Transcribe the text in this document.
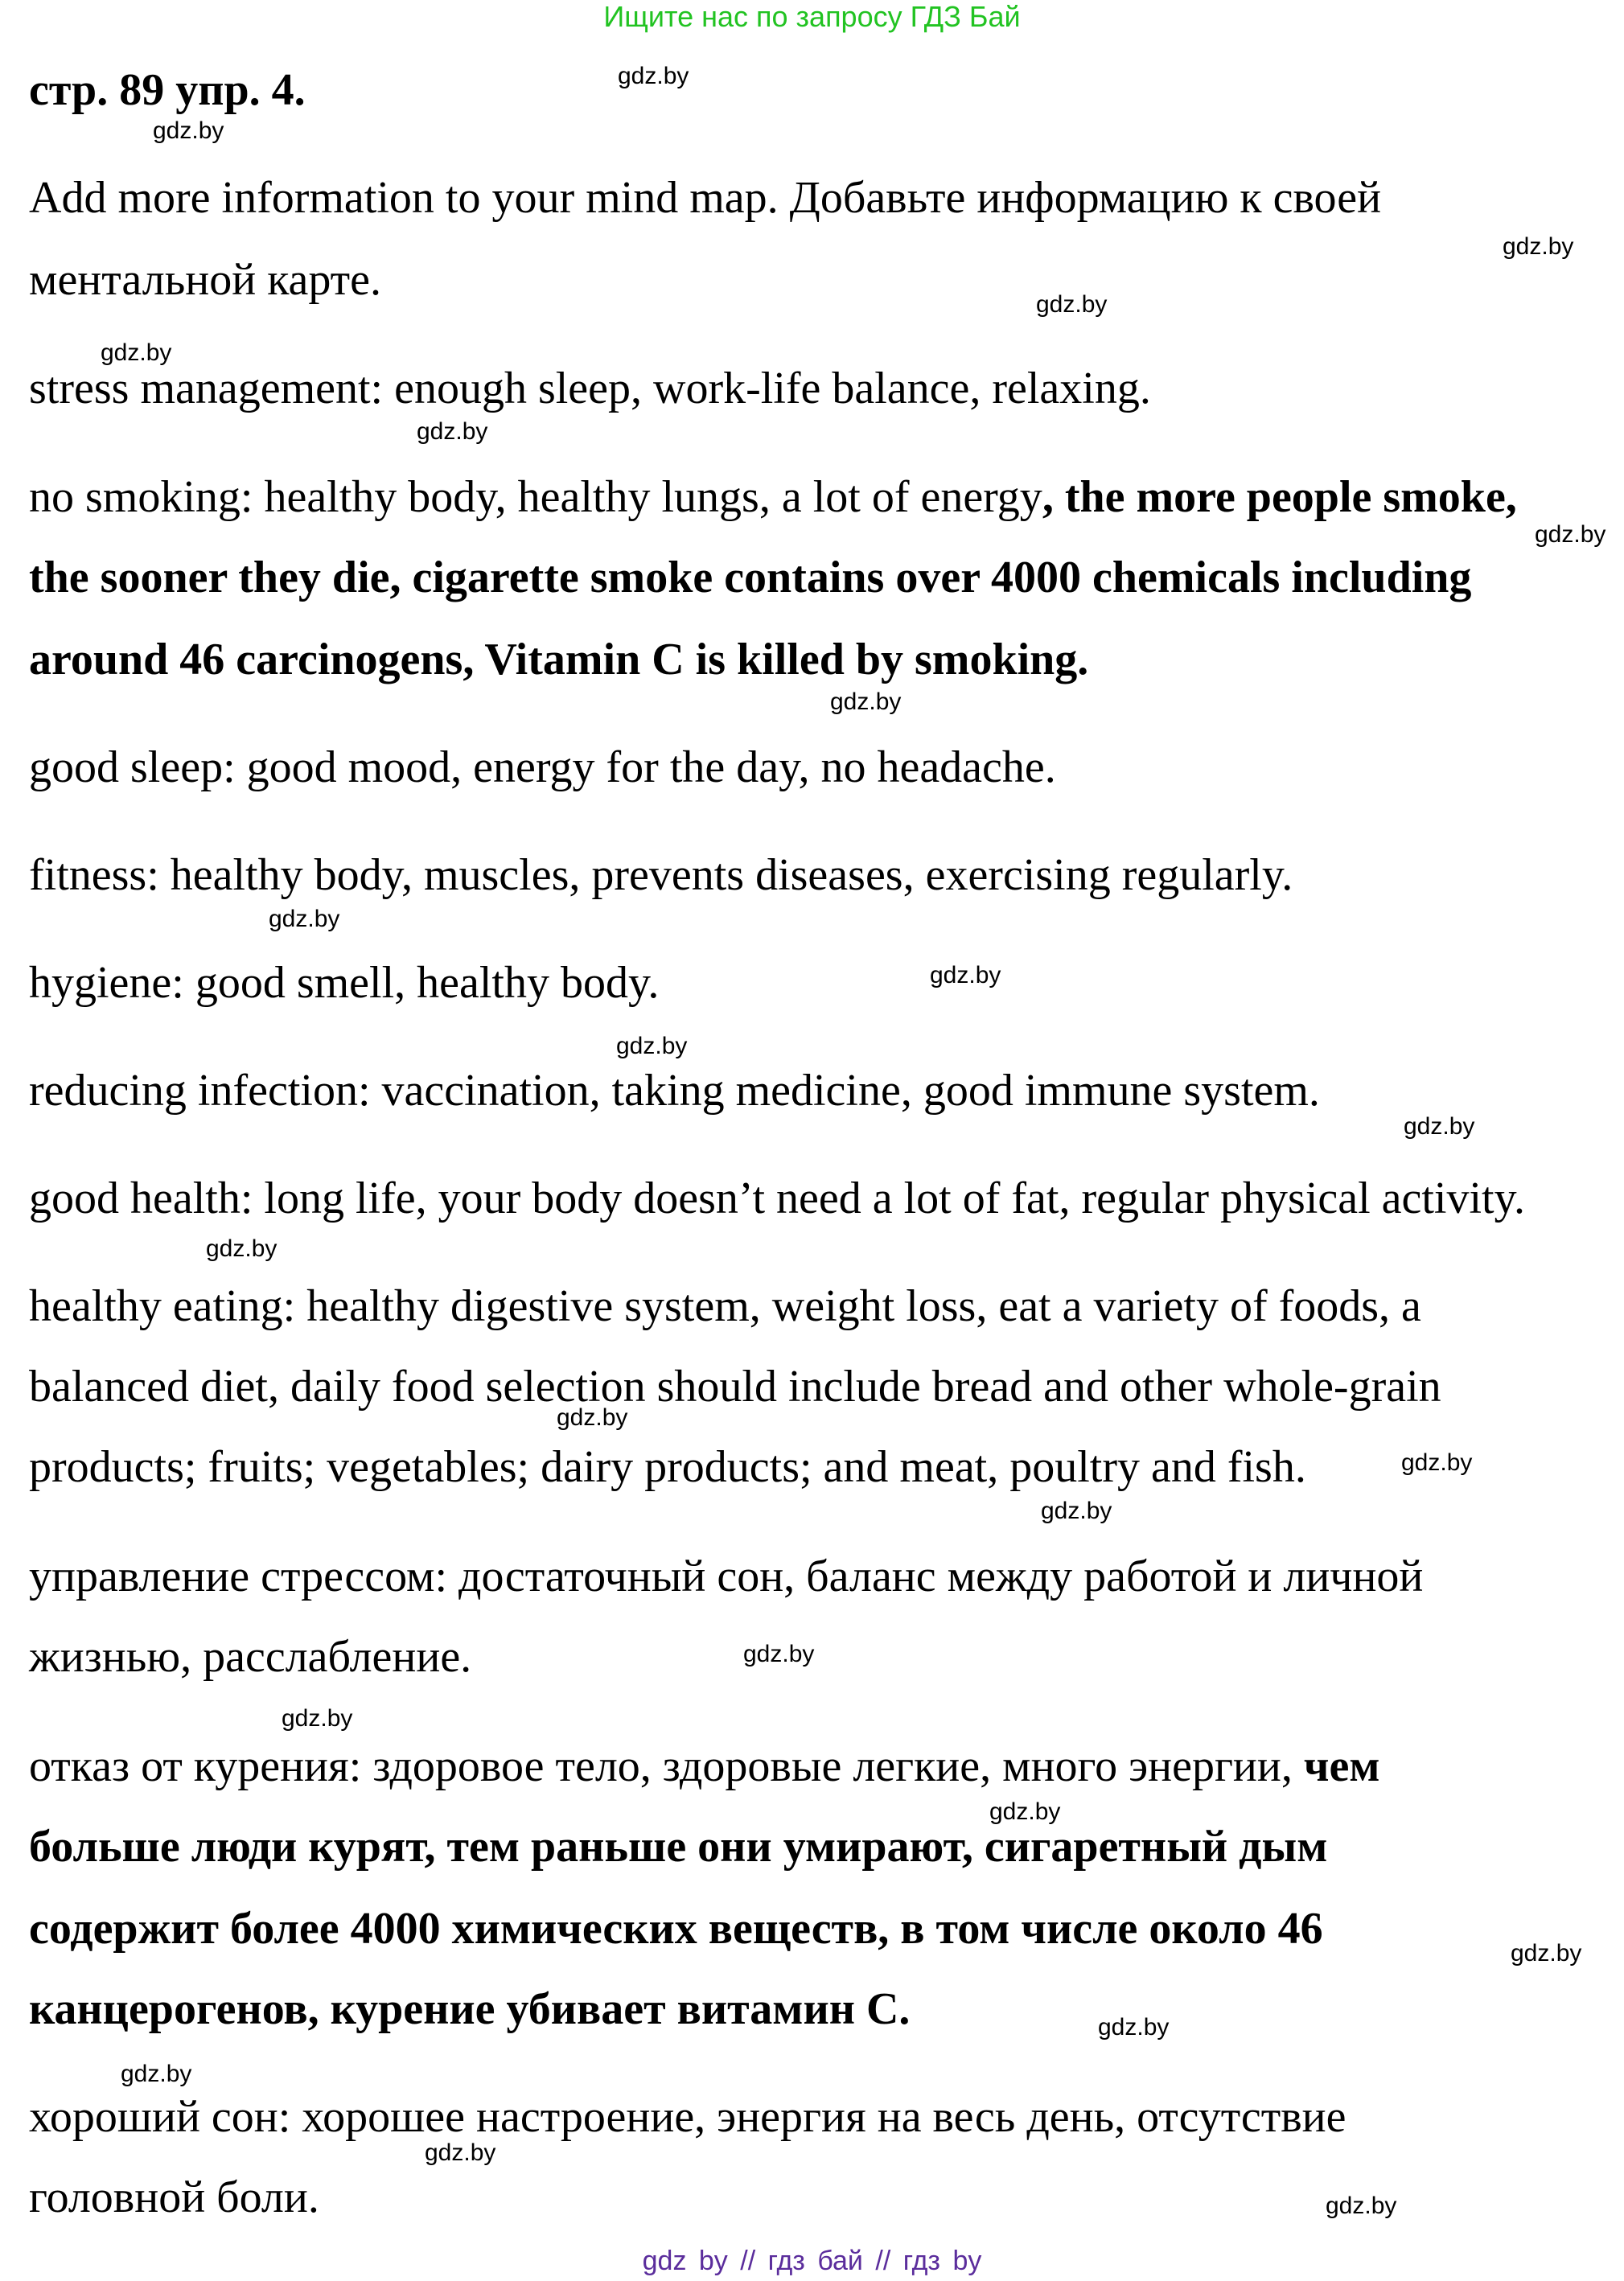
Ищите нас по запросу ГДЗ Бай
стр. 89 упр. 4.
Add more information to your mind map. Добавьте информацию к своей
ментальной карте.
stress management: enough sleep, work-life balance, relaxing.
no smoking: healthy body, healthy lungs, a lot of energy, the more people smoke,
the sooner they die, cigarette smoke contains over 4000 chemicals including
around 46 carcinogens, Vitamin C is killed by smoking.
good sleep: good mood, energy for the day, no headache.
fitness: healthy body, muscles, prevents diseases, exercising regularly.
hygiene: good smell, healthy body.
reducing infection: vaccination, taking medicine, good immune system.
good health: long life, your body doesn’t need a lot of fat, regular physical activity.
healthy eating: healthy digestive system, weight loss, eat a variety of foods, a
balanced diet, daily food selection should include bread and other whole-grain
products; fruits; vegetables; dairy products; and meat, poultry and fish.
управление стрессом: достаточный сон, баланс между работой и личной
жизнью, расслабление.
отказ от курения: здоровое тело, здоровые легкие, много энергии, чем
больше люди курят, тем раньше они умирают, сигаретный дым
содержит более 4000 химических веществ, в том числе около 46
канцерогенов, курение убивает витамин С.
хороший сон: хорошее настроение, энергия на весь день, отсутствие
головной боли.
gdz.by
gdz.by
gdz.by
gdz.by
gdz.by
gdz.by
gdz.by
gdz.by
gdz.by
gdz.by
gdz.by
gdz.by
gdz.by
gdz.by
gdz.by
gdz.by
gdz.by
gdz.by
gdz.by
gdz.by
gdz.by
gdz.by
gdz.by
gdz.by
gdz by // гдз бай // гдз by
